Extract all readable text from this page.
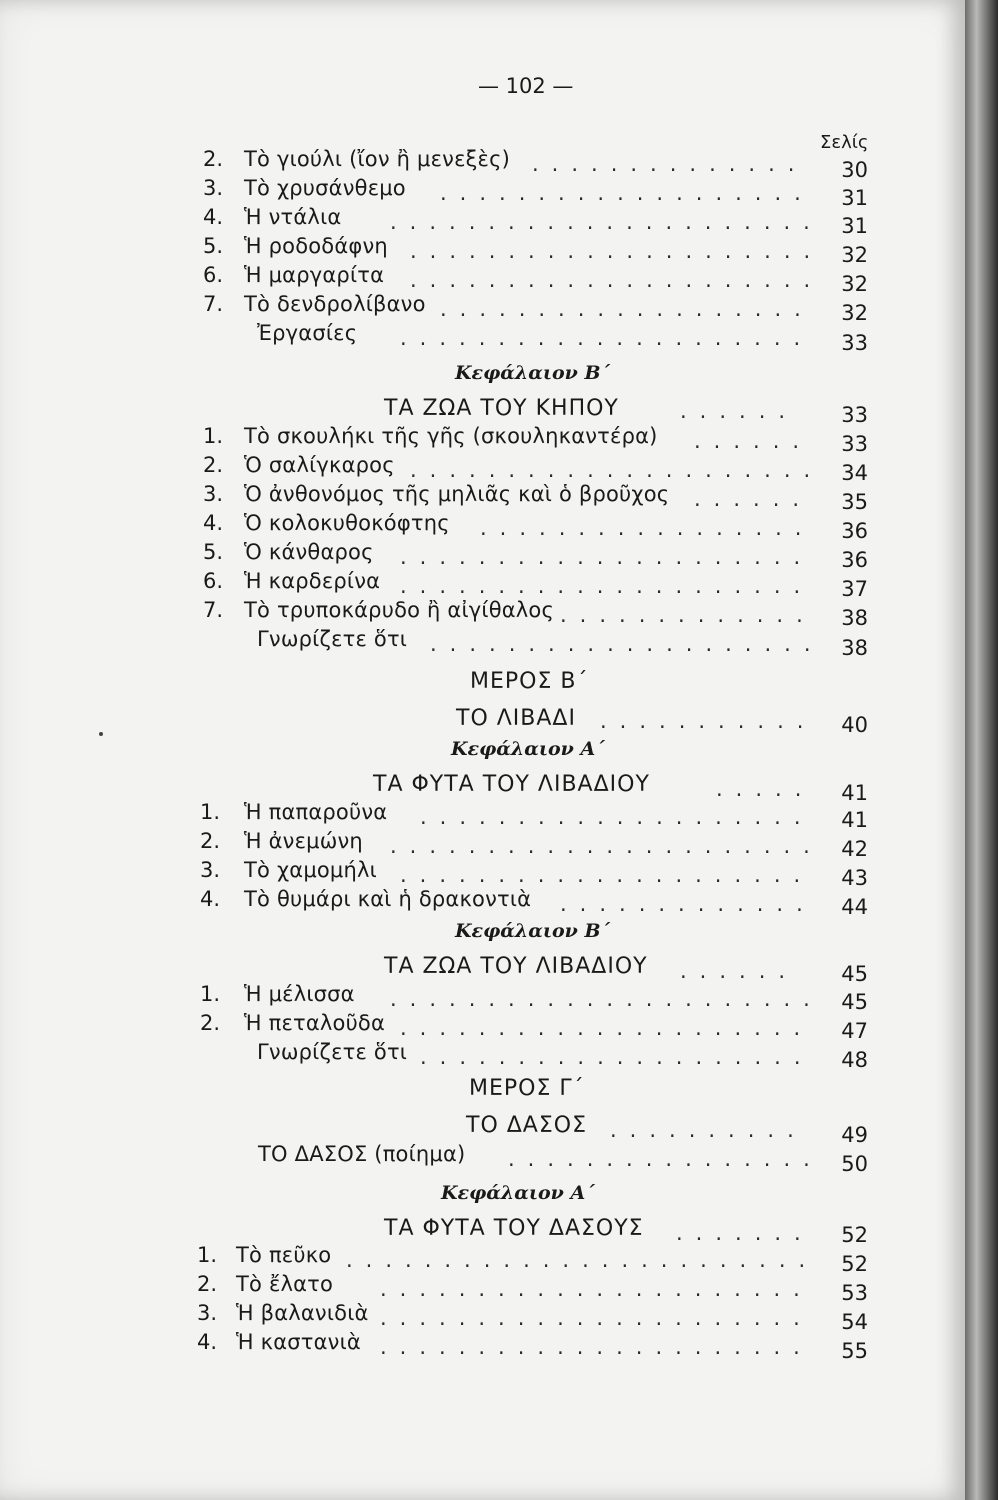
— 102 —
Σελίς
2. Τὸ γιούλι (ἴον ἢ μενεξὲς) ..............	30
3. Τὸ χρυσάνθεμο ...................	31
4. Ἡ ντάλια ...................... 31
5. Ἡ ροδοδάφνη ..................... 32
6. Ἡ μαργαρίτα ..................... 32
7. Τὸ δενδρολίβανο ...................	32
Ἐργασίες .....................	33
Κεφάλαιον Β΄
ΤΑ ΖΩΑ ΤΟΥ ΚΗΠΟΥ	......	33
1. Τὸ σκουλήκι τῆς γῆς (σκουληκαντέρα) ......	33
2. Ὁ σαλίγκαρος ..................... 34
3. Ὁ ἀνθονόμος τῆς μηλιᾶς καὶ ὁ βροῦχος ......	35
4. Ὁ κολοκυθοκόφτης .................	36
5. Ὁ κάνθαρος .....................	36
6. Ἡ καρδερίνα .....................	37
7. Τὸ τρυποκάρυδο ἢ αἰγίθαλος .............	38
Γνωρίζετε ὅτι .................... 38
ΜΕΡΟΣ Β΄
ΤΟ ΛΙΒΑΔΙ ...........	40
Κεφάλαιον Α΄
ΤΑ ΦΥΤΑ ΤΟΥ ΛΙΒΑΔΙΟΥ	.....	41
1. Ἡ παπαροῦνα ....................	41
2. Ἡ ἀνεμώνη ...................... 42
3. Τὸ χαμομήλι .....................	43
4. Τὸ θυμάρι καὶ ἡ δρακοντιὰ .............	44
Κεφάλαιον Β΄
ΤΑ ΖΩΑ ΤΟΥ ΛΙΒΑΔΙΟΥ ......	45
1. Ἡ μέλισσα ...................... 45
2. Ἡ πεταλοῦδα .....................	47
Γνωρίζετε ὅτι ....................	48
ΜΕΡΟΣ Γ΄
ΤΟ ΔΑΣΟΣ ..........	49
ΤΟ ΔΑΣΟΣ (ποίημα) ................ 50
Κεφάλαιον Α΄
ΤΑ ΦΥΤΑ ΤΟΥ ΔΑΣΟΥΣ .......	52
1. Τὸ πεῦκο ........................	52
2. Τὸ ἔλατο ......................	53
3. Ἡ βαλανιδιὰ ......................	54
4. Ἡ καστανιὰ ......................	55
